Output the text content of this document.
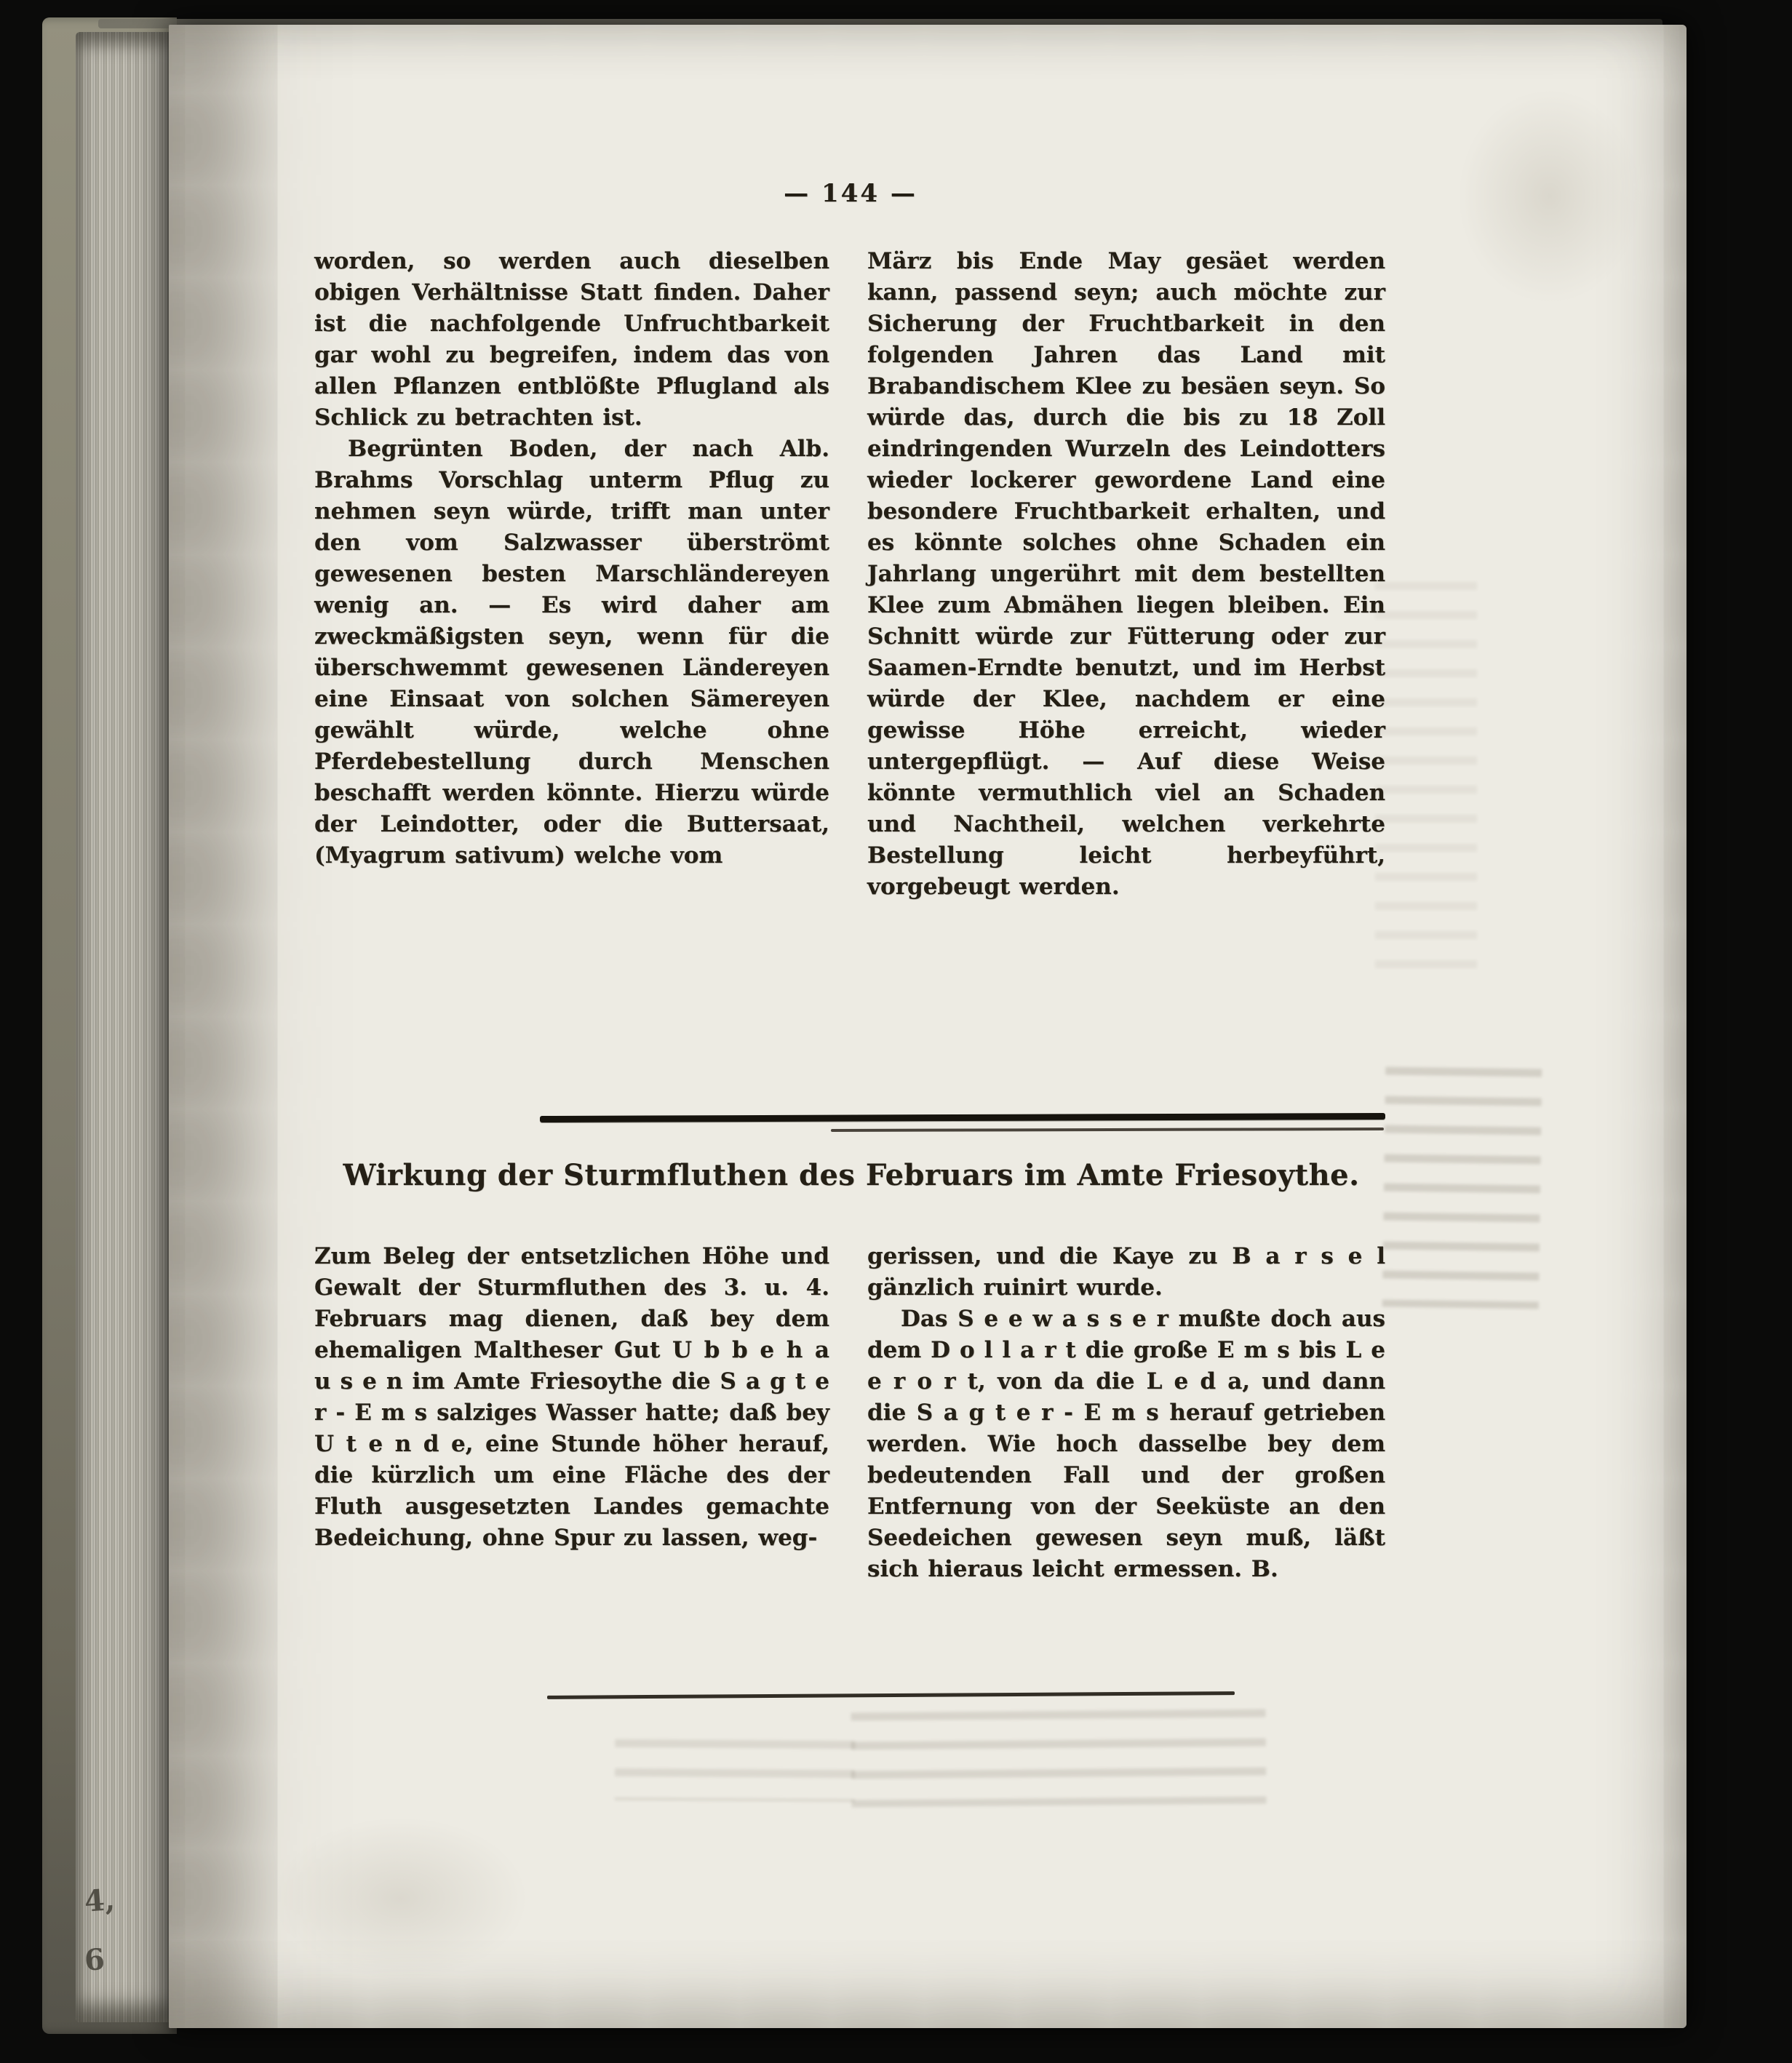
— 144 —

worden, so werden auch dieselben obigen Verhältnisse Statt finden. Daher ist die nachfolgende Unfruchtbarkeit gar wohl zu begreifen, indem das von allen Pflanzen entblößte Pflugland als Schlick zu betrachten ist.

Begrünten Boden, der nach Alb. Brahms Vorschlag unterm Pflug zu nehmen seyn würde, trifft man unter den vom Salzwasser überströmt gewesenen besten Marschländereyen wenig an. — Es wird daher am zweckmäßigsten seyn, wenn für die überschwemmt gewesenen Ländereyen eine Einsaat von solchen Sämereyen gewählt würde, welche ohne Pferdebestellung durch Menschen beschafft werden könnte. Hierzu würde der Leindotter, oder die Buttersaat, (Myagrum sativum) welche vom

März bis Ende May gesäet werden kann, passend seyn; auch möchte zur Sicherung der Fruchtbarkeit in den folgenden Jahren das Land mit Brabandischem Klee zu besäen seyn. So würde das, durch die bis zu 18 Zoll eindringenden Wurzeln des Leindotters wieder lockerer gewordene Land eine besondere Fruchtbarkeit erhalten, und es könnte solches ohne Schaden ein Jahrlang ungerührt mit dem bestellten Klee zum Abmähen liegen bleiben. Ein Schnitt würde zur Fütterung oder zur Saamen-Erndte benutzt, und im Herbst würde der Klee, nachdem er eine gewisse Höhe erreicht, wieder untergepflügt. — Auf diese Weise könnte vermuthlich viel an Schaden und Nachtheil, welchen verkehrte Bestellung leicht herbeyführt, vorgebeugt werden.

Wirkung der Sturmfluthen des Februars im Amte Friesoythe.

Zum Beleg der entsetzlichen Höhe und Gewalt der Sturmfluthen des 3. u. 4. Februars mag dienen, daß bey dem ehemaligen Maltheser Gut U b b e h a u s e n im Amte Friesoythe die S a g t e r - E m s salziges Wasser hatte; daß bey U t e n d e, eine Stunde höher herauf, die kürzlich um eine Fläche des der Fluth ausgesetzten Landes gemachte Bedeichung, ohne Spur zu lassen, weg-

gerissen, und die Kaye zu B a r s e l gänzlich ruinirt wurde.

Das S e e w a s s e r mußte doch aus dem D o l l a r t die große E m s bis L e e r o r t, von da die L e d a, und dann die S a g t e r - E m s herauf getrieben werden. Wie hoch dasselbe bey dem bedeutenden Fall und der großen Entfernung von der Seeküste an den Seedeichen gewesen seyn muß, läßt sich hieraus leicht ermessen. B.

4,
6
